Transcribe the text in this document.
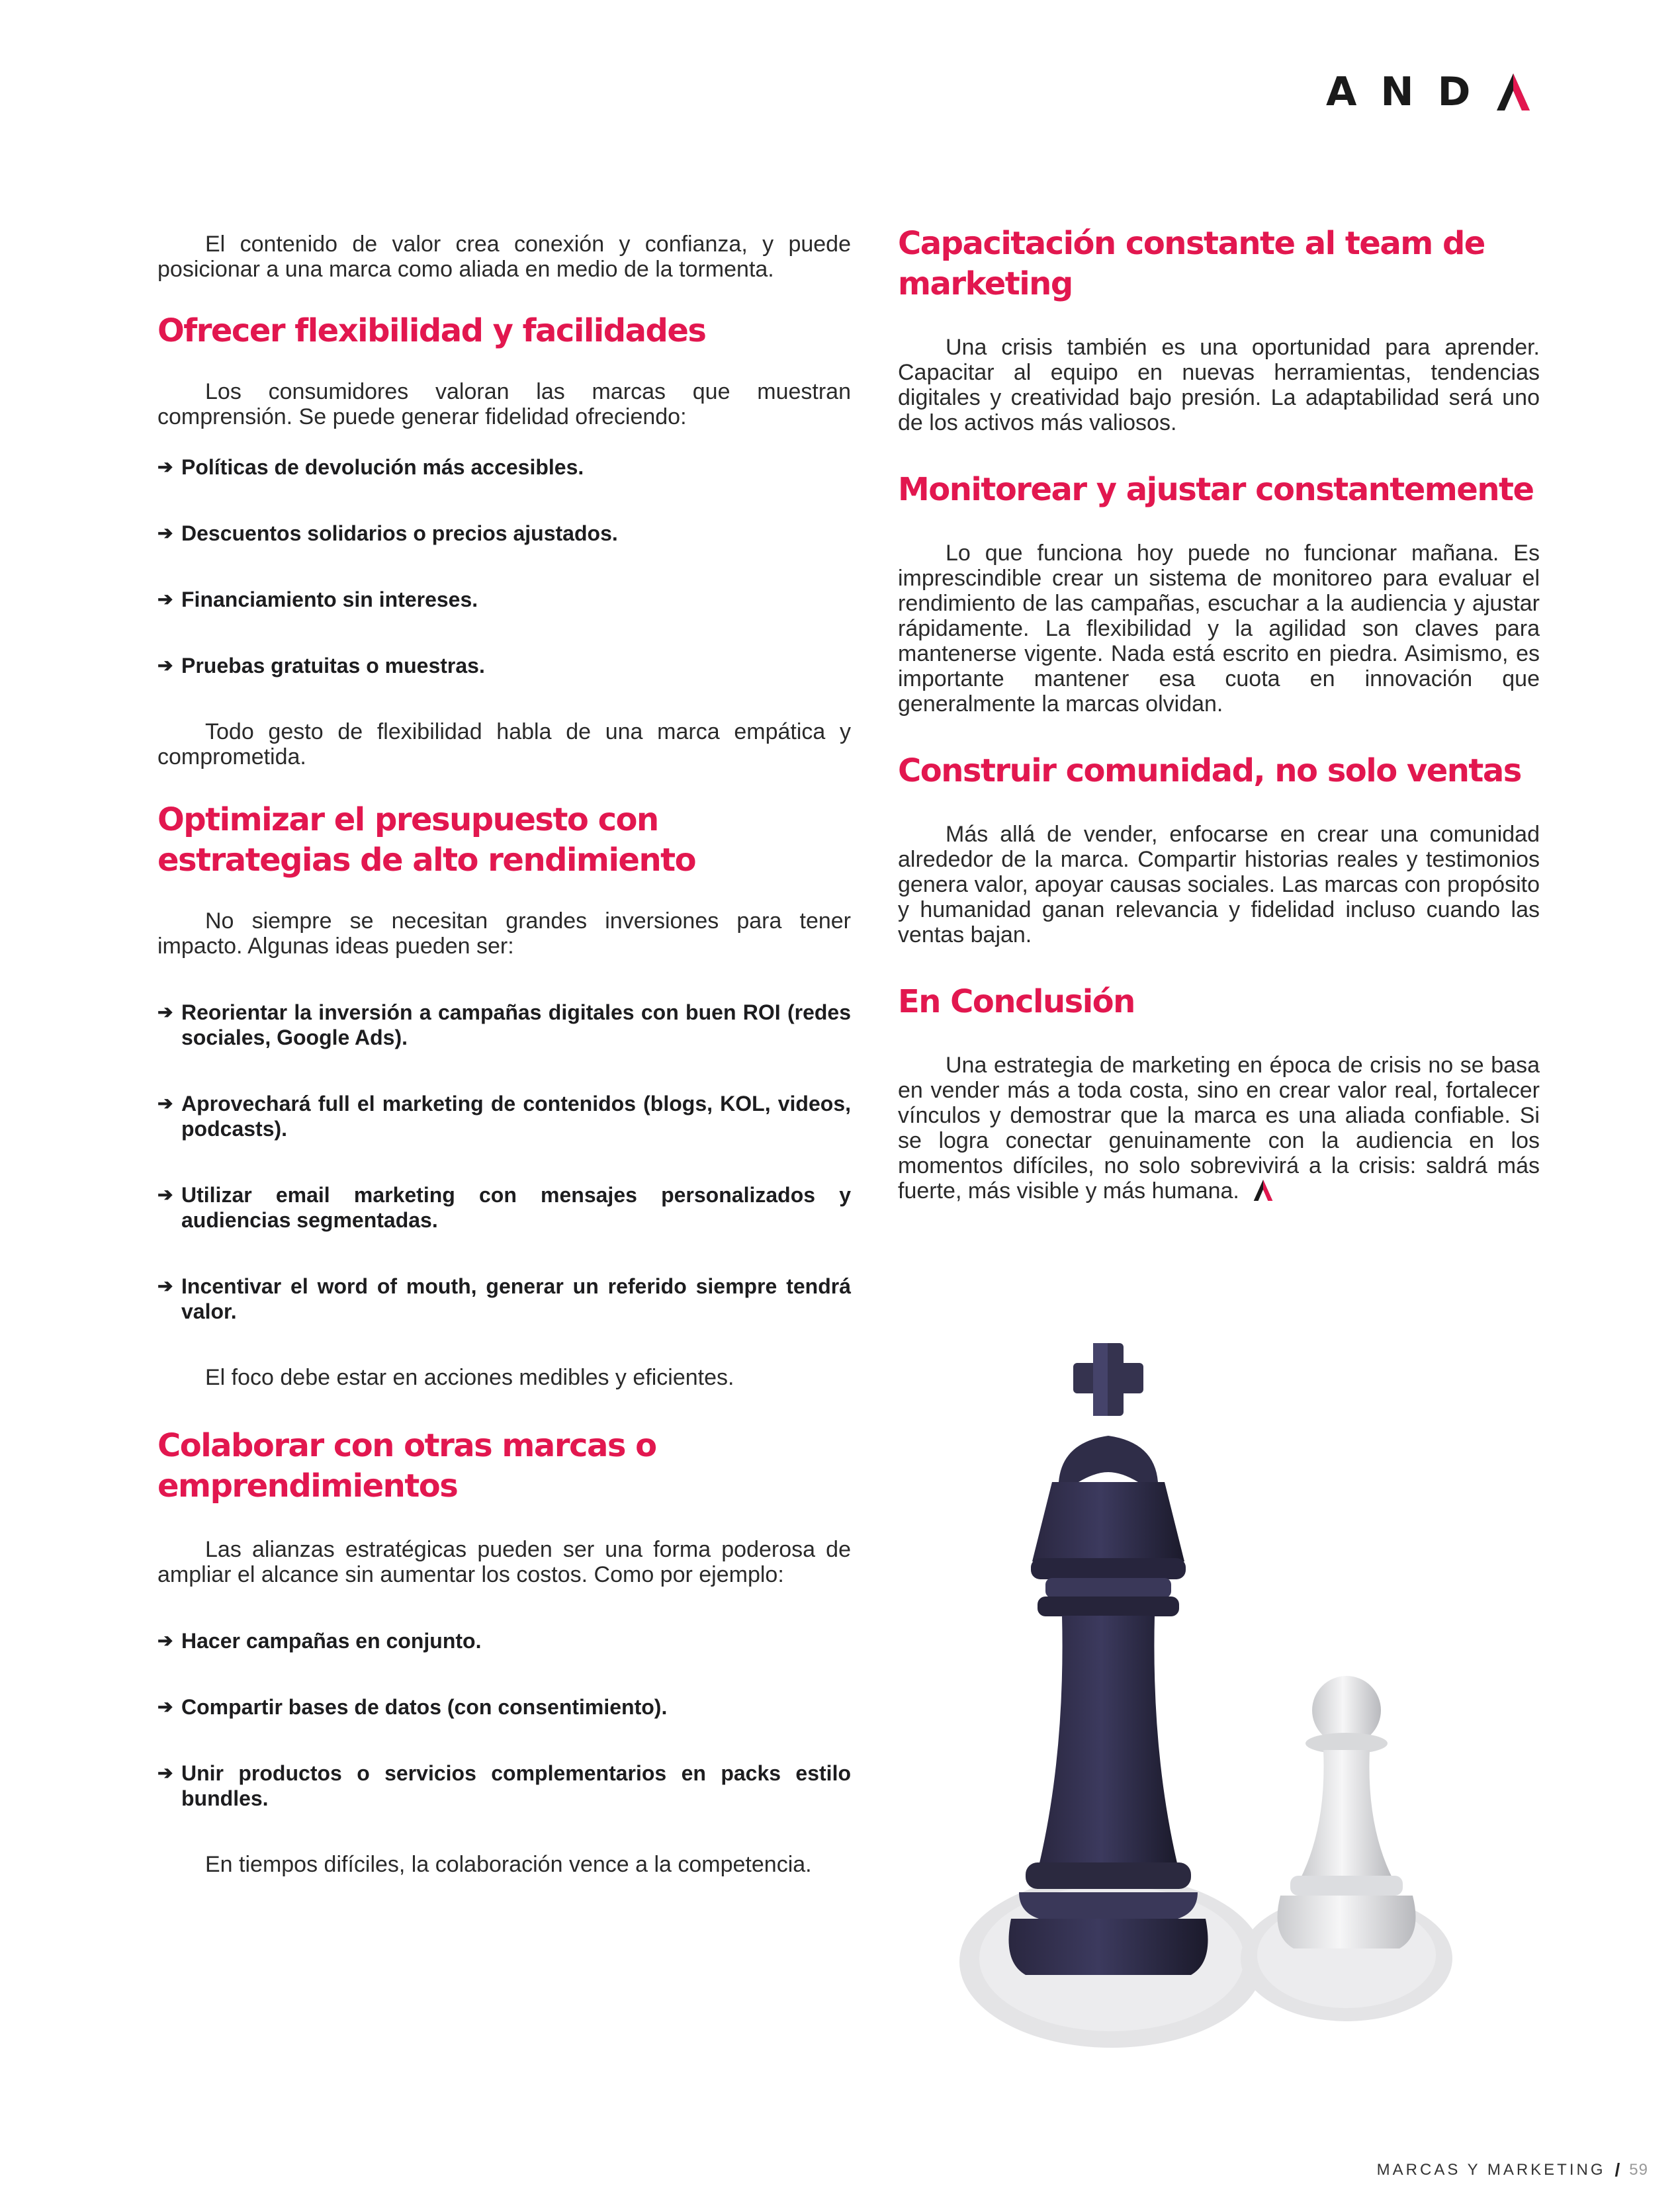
AND

El contenido de valor crea conexión y confianza, y puede posicionar a una marca como aliada en medio de la tormenta.

Ofrecer flexibilidad y facilidades

Los consumidores valoran las marcas que muestran comprensión. Se puede generar fidelidad ofreciendo:

➔ Políticas de devolución más accesibles.
➔ Descuentos solidarios o precios ajustados.
➔ Financiamiento sin intereses.
➔ Pruebas gratuitas o muestras.

Todo gesto de flexibilidad habla de una marca empática y comprometida.

Optimizar el presupuesto con estrategias de alto rendimiento

No siempre se necesitan grandes inversiones para tener impacto. Algunas ideas pueden ser:

➔ Reorientar la inversión a campañas digitales con buen ROI (redes sociales, Google Ads).
➔ Aprovechará full el marketing de contenidos (blogs, KOL, videos, podcasts).
➔ Utilizar email marketing con mensajes personalizados y audiencias segmentadas.
➔ Incentivar el word of mouth, generar un referido siempre tendrá valor.

El foco debe estar en acciones medibles y eficientes.

Colaborar con otras marcas o emprendimientos

Las alianzas estratégicas pueden ser una forma poderosa de ampliar el alcance sin aumentar los costos. Como por ejemplo:

➔ Hacer campañas en conjunto.
➔ Compartir bases de datos (con consentimiento).
➔ Unir productos o servicios complementarios en packs estilo bundles.

En tiempos difíciles, la colaboración vence a la competencia.

Capacitación constante al team de marketing

Una crisis también es una oportunidad para aprender. Capacitar al equipo en nuevas herramientas, tendencias digitales y creatividad bajo presión. La adaptabilidad será uno de los activos más valiosos.

Monitorear y ajustar constantemente

Lo que funciona hoy puede no funcionar mañana. Es imprescindible crear un sistema de monitoreo para evaluar el rendimiento de las campañas, escuchar a la audiencia y ajustar rápidamente. La flexibilidad y la agilidad son claves para mantenerse vigente. Nada está escrito en piedra. Asimismo, es importante mantener esa cuota en innovación que generalmente la marcas olvidan.

Construir comunidad, no solo ventas

Más allá de vender, enfocarse en crear una comunidad alrededor de la marca. Compartir historias reales y testimonios genera valor, apoyar causas sociales. Las marcas con propósito y humanidad ganan relevancia y fidelidad incluso cuando las ventas bajan.

En Conclusión

Una estrategia de marketing en época de crisis no se basa en vender más a toda costa, sino en crear valor real, fortalecer vínculos y demostrar que la marca es una aliada confiable. Si se logra conectar genuinamente con la audiencia en los momentos difíciles, no solo sobrevivirá a la crisis: saldrá más fuerte, más visible y más humana.

MARCAS Y MARKETING / 59
